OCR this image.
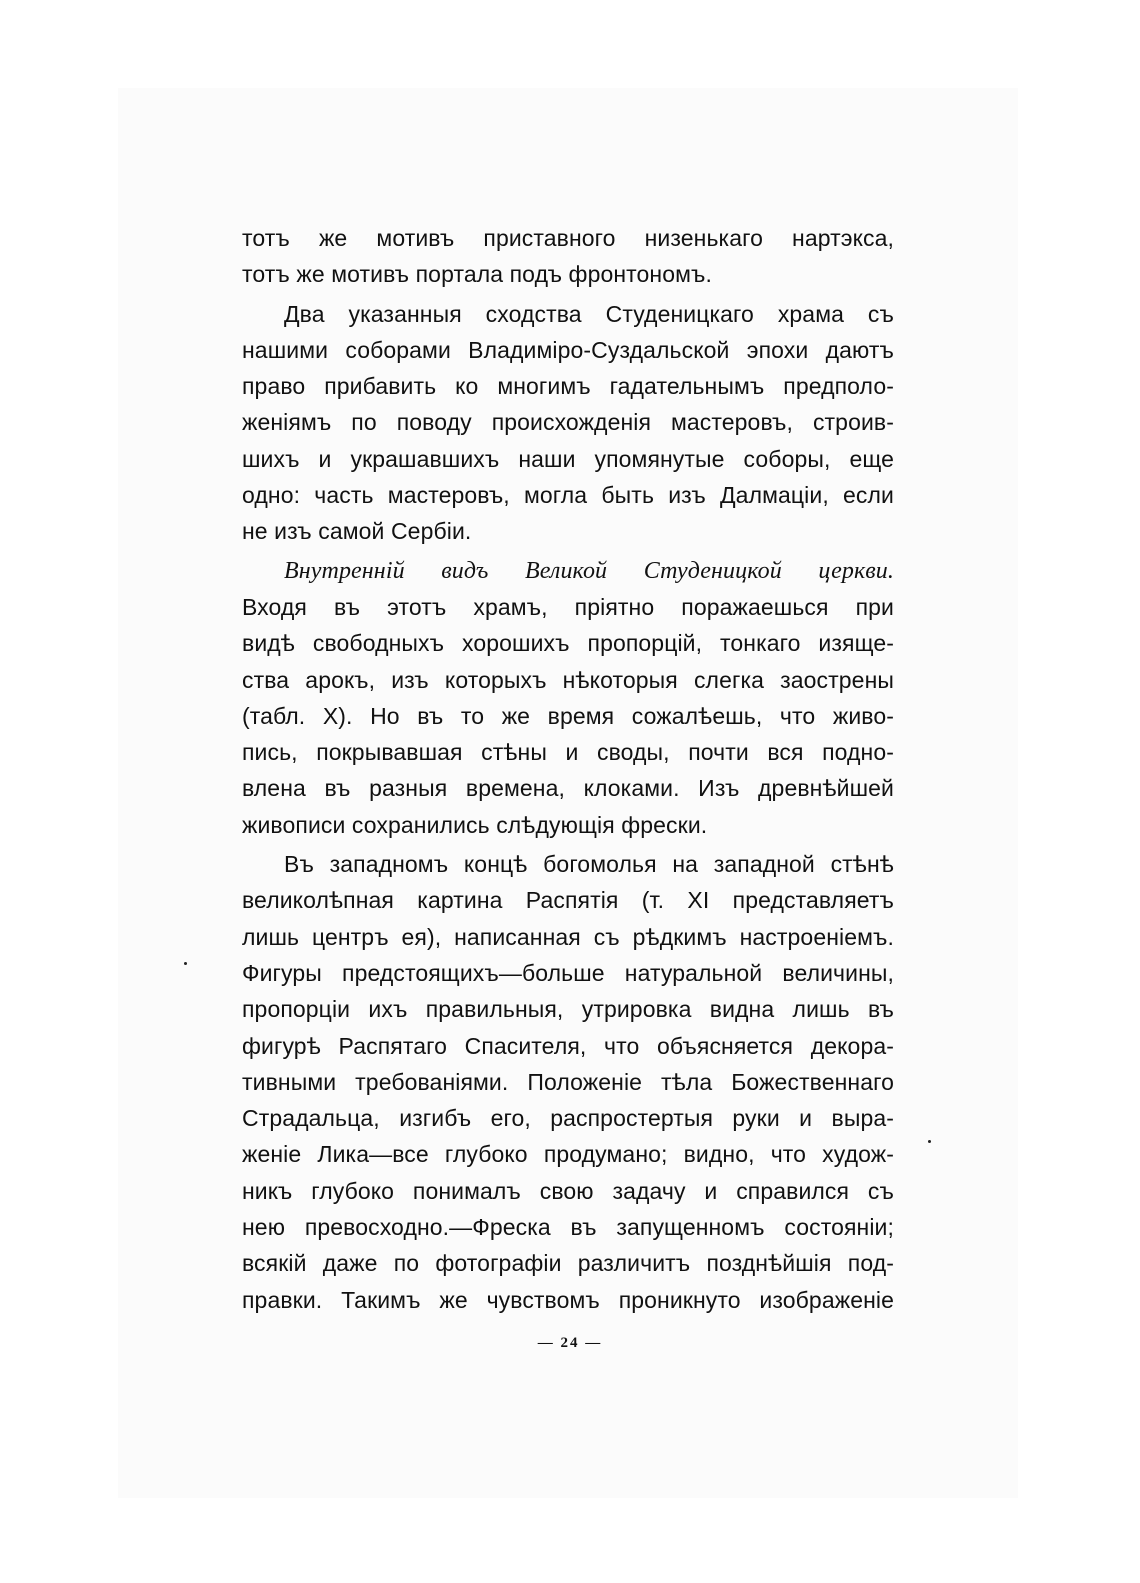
тотъ же мотивъ приставного низенькаго нартэкса,
тотъ же мотивъ портала подъ фронтономъ.
Два указанныя сходства Студеницкаго храма съ
нашими соборами Владиміро-Суздальской эпохи даютъ
право прибавить ко многимъ гадательнымъ предполо-
женіямъ по поводу происхожденія мастеровъ, строив-
шихъ и украшавшихъ наши упомянутые соборы, еще
одно: часть мастеровъ, могла быть изъ Далмаціи, если
не изъ самой Сербіи.
Внутренній видъ Великой Студеницкой церкви.
Входя въ этотъ храмъ, пріятно поражаешься при
видѣ свободныхъ хорошихъ пропорцій, тонкаго изяще-
ства арокъ, изъ которыхъ нѣкоторыя слегка заострены
(табл. X). Но въ то же время сожалѣешь, что живо-
пись, покрывавшая стѣны и своды, почти вся подно-
влена въ разныя времена, клоками. Изъ древнѣйшей
живописи сохранились слѣдующія фрески.
Въ западномъ концѣ богомолья на западной стѣнѣ
великолѣпная картина Распятія (т. XI представляетъ
лишь центръ ея), написанная съ рѣдкимъ настроеніемъ.
Фигуры предстоящихъ—больше натуральной величины,
пропорціи ихъ правильныя, утрировка видна лишь въ
фигурѣ Распятаго Спасителя, что объясняется декора-
тивными требованіями. Положеніе тѣла Божественнаго
Страдальца, изгибъ его, распростертыя руки и выра-
женіе Лика—все глубоко продумано; видно, что худож-
никъ глубоко понималъ свою задачу и справился съ
нею превосходно.—Фреска въ запущенномъ состояніи;
всякій даже по фотографіи различитъ позднѣйшія под-
правки. Такимъ же чувствомъ проникнуто изображеніе
— 24 —
